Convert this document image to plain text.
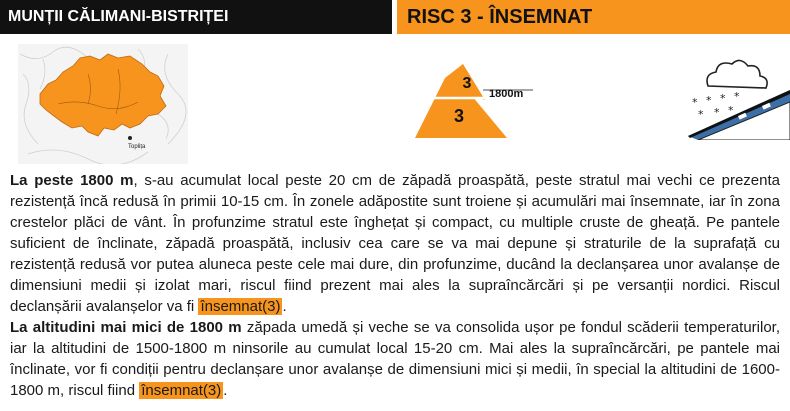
MUNȚII CĂLIMANI-BISTRIȚEI	RISC 3 - ÎNSEMNAT
Toplița
3
3
1800m
* * * *
* * *

La peste 1800 m, s-au acumulat local peste 20 cm de zăpadă proaspătă, peste stratul mai vechi ce prezenta rezistență încă redusă în primii 10-15 cm. În zonele adăpostite sunt troiene și acumulări mai însemnate, iar în zona crestelor plăci de vânt. În profunzime stratul este înghețat și compact, cu multiple cruste de gheață. Pe pantele suficient de înclinate, zăpadă proaspătă, inclusiv cea care se va mai depune și straturile de la suprafață cu rezistență redusă vor putea aluneca peste cele mai dure, din profunzime, ducând la declanșarea unor avalanșe de dimensiuni medii și izolat mari, riscul fiind prezent mai ales la supraîncărcări și pe versanții nordici. Riscul declanșării avalanșelor va fi însemnat(3) .

La altitudini mai mici de 1800 m zăpada umedă și veche se va consolida ușor pe fondul scăderii temperaturilor, iar la altitudini de 1500-1800 m ninsorile au cumulat local 15-20 cm. Mai ales la supraîncărcări, pe pantele mai înclinate, vor fi condiții pentru declanșare unor avalanșe de dimensiuni mici și medii, în special la altitudini de 1600-1800 m, riscul fiind însemnat(3) .
